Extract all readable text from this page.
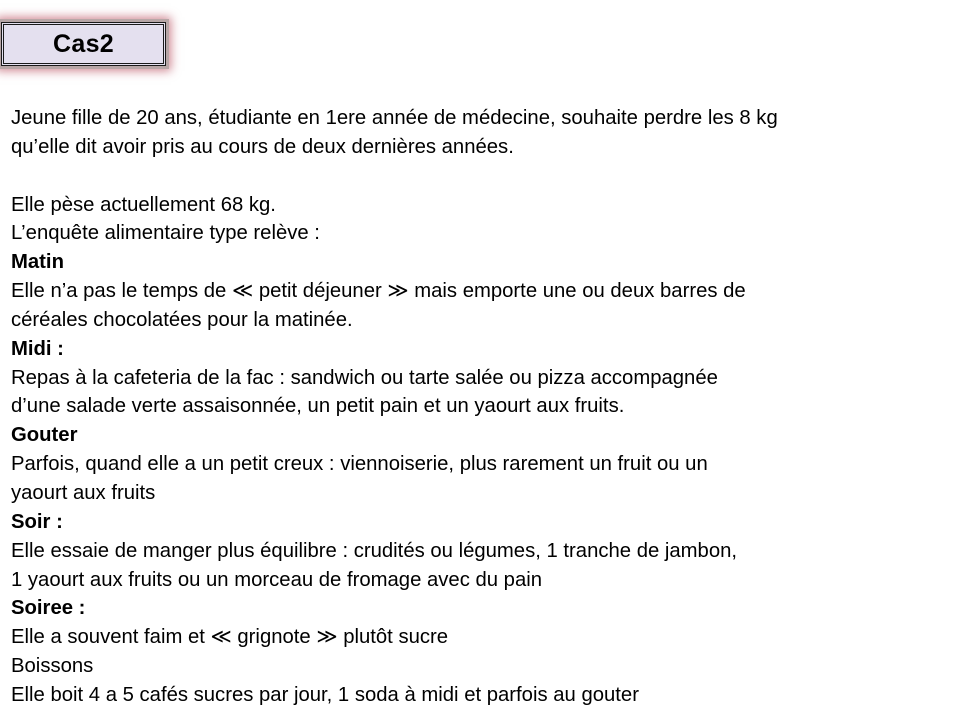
Cas2
Jeune fille de 20 ans, étudiante en 1ere année de médecine, souhaite perdre les 8 kg
qu’elle dit avoir pris au cours de deux dernières années.
Elle pèse actuellement 68 kg.
L’enquête alimentaire type relève :
Matin
Elle n’a pas le temps de ≪ petit déjeuner ≫ mais emporte une ou deux barres de
céréales chocolatées pour la matinée.
Midi :
Repas à la cafeteria de la fac : sandwich ou tarte salée ou pizza accompagnée
d’une salade verte assaisonnée, un petit pain et un yaourt aux fruits.
Gouter
Parfois, quand elle a un petit creux : viennoiserie, plus rarement un fruit ou un
yaourt aux fruits
Soir :
Elle essaie de manger plus équilibre : crudités ou légumes, 1 tranche de jambon,
1 yaourt aux fruits ou un morceau de fromage avec du pain
Soiree :
Elle a souvent faim et ≪ grignote ≫ plutôt sucre
Boissons
Elle boit 4 a 5 cafés sucres par jour, 1 soda à midi et parfois au gouter
